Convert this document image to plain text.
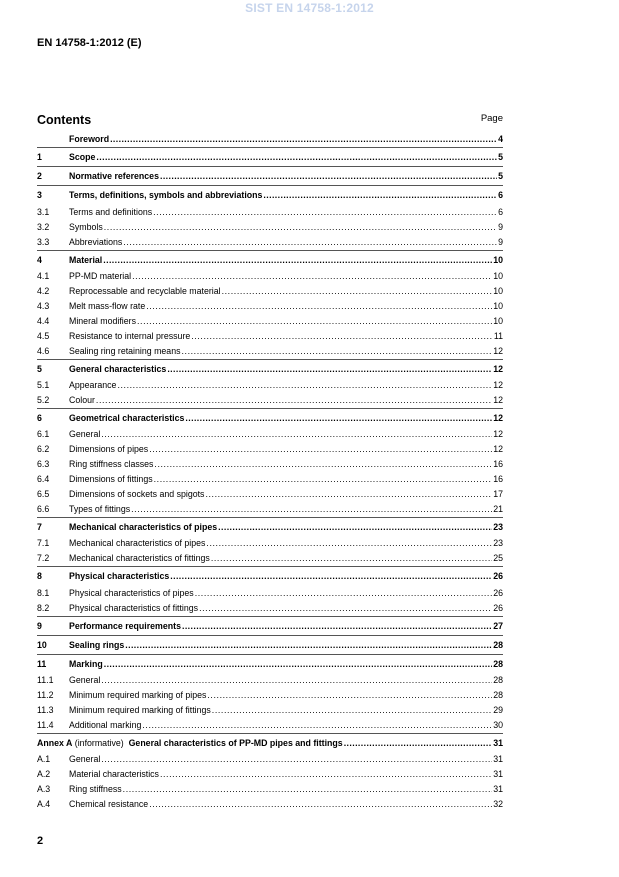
SIST EN 14758-1:2012
EN 14758-1:2012 (E)
Contents	Page
Foreword .....	4
1	Scope .....	5
2	Normative references .....	5
3	Terms, definitions, symbols and abbreviations .....	6
3.1	Terms and definitions .....	6
3.2	Symbols .....	9
3.3	Abbreviations .....	9
4	Material .....	10
4.1	PP-MD material .....	10
4.2	Reprocessable and recyclable material .....	10
4.3	Melt mass-flow rate .....	10
4.4	Mineral modifiers .....	10
4.5	Resistance to internal pressure .....	11
4.6	Sealing ring retaining means .....	12
5	General characteristics .....	12
5.1	Appearance .....	12
5.2	Colour .....	12
6	Geometrical characteristics .....	12
6.1	General .....	12
6.2	Dimensions of pipes .....	12
6.3	Ring stiffness classes .....	16
6.4	Dimensions of fittings .....	16
6.5	Dimensions of sockets and spigots .....	17
6.6	Types of fittings .....	21
7	Mechanical characteristics of pipes .....	23
7.1	Mechanical characteristics of pipes .....	23
7.2	Mechanical characteristics of fittings .....	25
8	Physical characteristics .....	26
8.1	Physical characteristics of pipes .....	26
8.2	Physical characteristics of fittings .....	26
9	Performance requirements .....	27
10	Sealing rings .....	28
11	Marking .....	28
11.1	General .....	28
11.2	Minimum required marking of pipes .....	28
11.3	Minimum required marking of fittings .....	29
11.4	Additional marking .....	30
Annex A (informative)  General characteristics of PP-MD pipes and fittings .....	31
A.1	General .....	31
A.2	Material characteristics .....	31
A.3	Ring stiffness .....	31
A.4	Chemical resistance .....	32
2
